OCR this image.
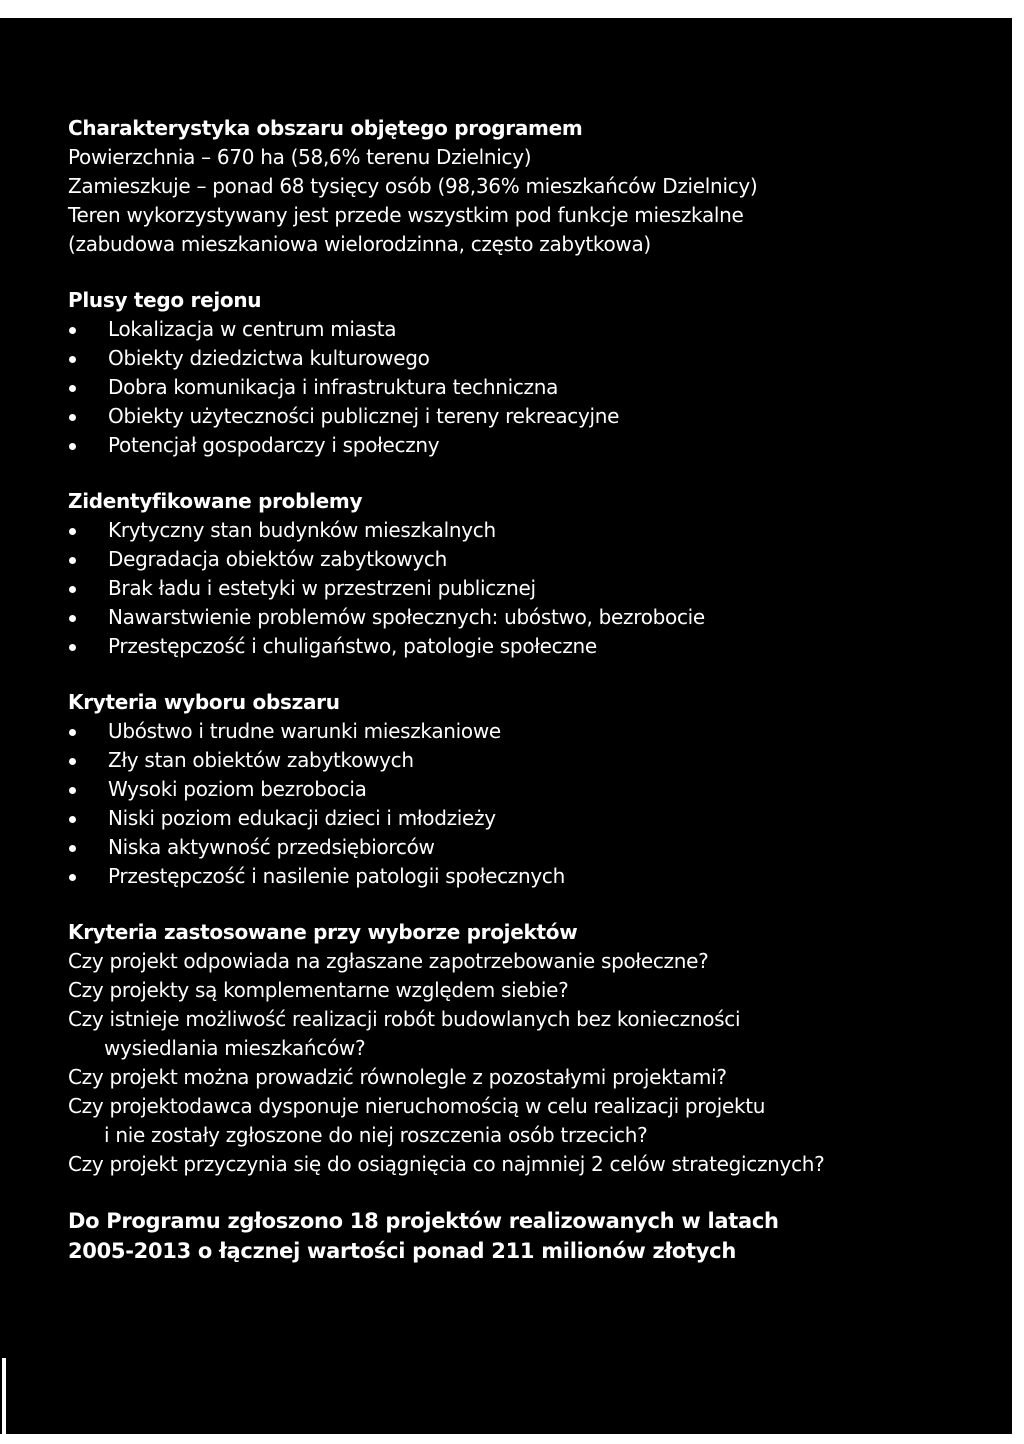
Charakterystyka obszaru objętego programem

Powierzchnia – 670 ha (58,6% terenu Dzielnicy)

Zamieszkuje – ponad 68 tysięcy osób (98,36% mieszkańców Dzielnicy)

Teren wykorzystywany jest przede wszystkim pod funkcje mieszkalne

(zabudowa mieszkaniowa wielorodzinna, często zabytkowa)

Plusy tego rejonu

Lokalizacja w centrum miasta
Obiekty dziedzictwa kulturowego
Dobra komunikacja i infrastruktura techniczna
Obiekty użyteczności publicznej i tereny rekreacyjne
Potencjał gospodarczy i społeczny

Zidentyfikowane problemy

Krytyczny stan budynków mieszkalnych
Degradacja obiektów zabytkowych
Brak ładu i estetyki w przestrzeni publicznej
Nawarstwienie problemów społecznych: ubóstwo, bezrobocie
Przestępczość i chuligaństwo, patologie społeczne

Kryteria wyboru obszaru

Ubóstwo i trudne warunki mieszkaniowe
Zły stan obiektów zabytkowych
Wysoki poziom bezrobocia
Niski poziom edukacji dzieci i młodzieży
Niska aktywność przedsiębiorców
Przestępczość i nasilenie patologii społecznych

Kryteria zastosowane przy wyborze projektów

Czy projekt odpowiada na zgłaszane zapotrzebowanie społeczne?

Czy projekty są komplementarne względem siebie?

Czy istnieje możliwość realizacji robót budowlanych bez konieczności

wysiedlania mieszkańców?

Czy projekt można prowadzić równolegle z pozostałymi projektami?

Czy projektodawca dysponuje nieruchomością w celu realizacji projektu

i nie zostały zgłoszone do niej roszczenia osób trzecich?

Czy projekt przyczynia się do osiągnięcia co najmniej 2 celów strategicznych?

Do Programu zgłoszono 18 projektów realizowanych w latach

2005-2013 o łącznej wartości ponad 211 milionów złotych
